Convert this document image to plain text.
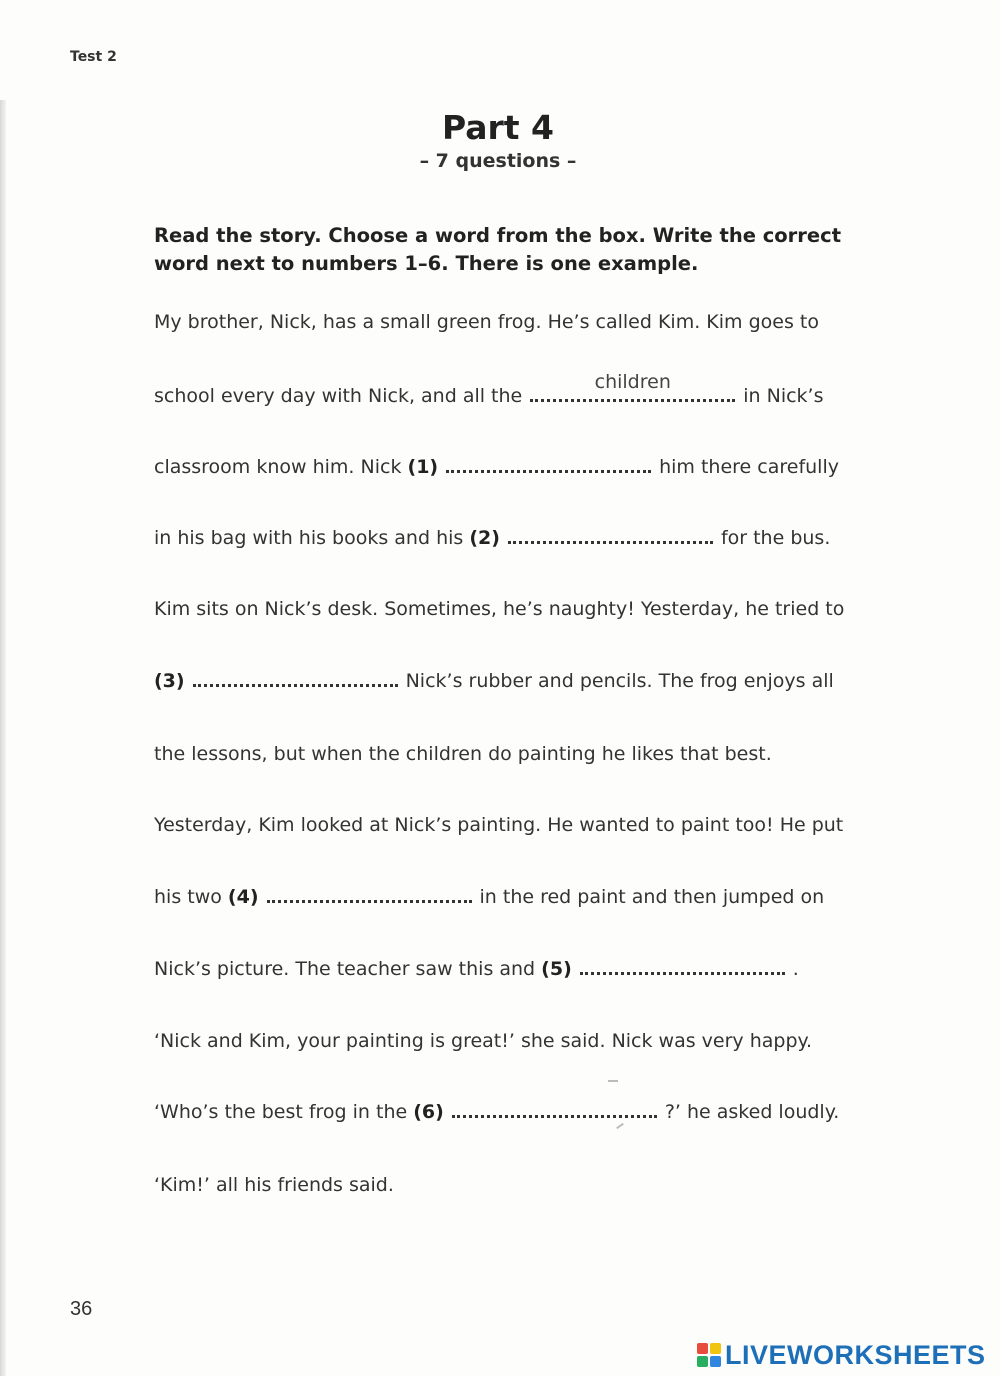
Test 2
Part 4
– 7 questions –
Read the story. Choose a word from the box. Write the correct word next to numbers 1–6. There is one example.
My brother, Nick, has a small green frog. He’s called Kim. Kim goes to
school every day with Nick, and all the
children
in Nick’s
classroom know him. Nick (1)	him there carefully
in his bag with his books and his (2)	for the bus.
Kim sits on Nick’s desk. Sometimes, he’s naughty! Yesterday, he tried to
(3)	Nick’s rubber and pencils. The frog enjoys all
the lessons, but when the children do painting he likes that best.
Yesterday, Kim looked at Nick’s painting. He wanted to paint too! He put
his two (4)	in the red paint and then jumped on
Nick’s picture. The teacher saw this and (5)	.
‘Nick and Kim, your painting is great!’ she said. Nick was very happy.
‘Who’s the best frog in the (6)	?’ he asked loudly.
‘Kim!’ all his friends said.
36
LIVEWORKSHEETS
